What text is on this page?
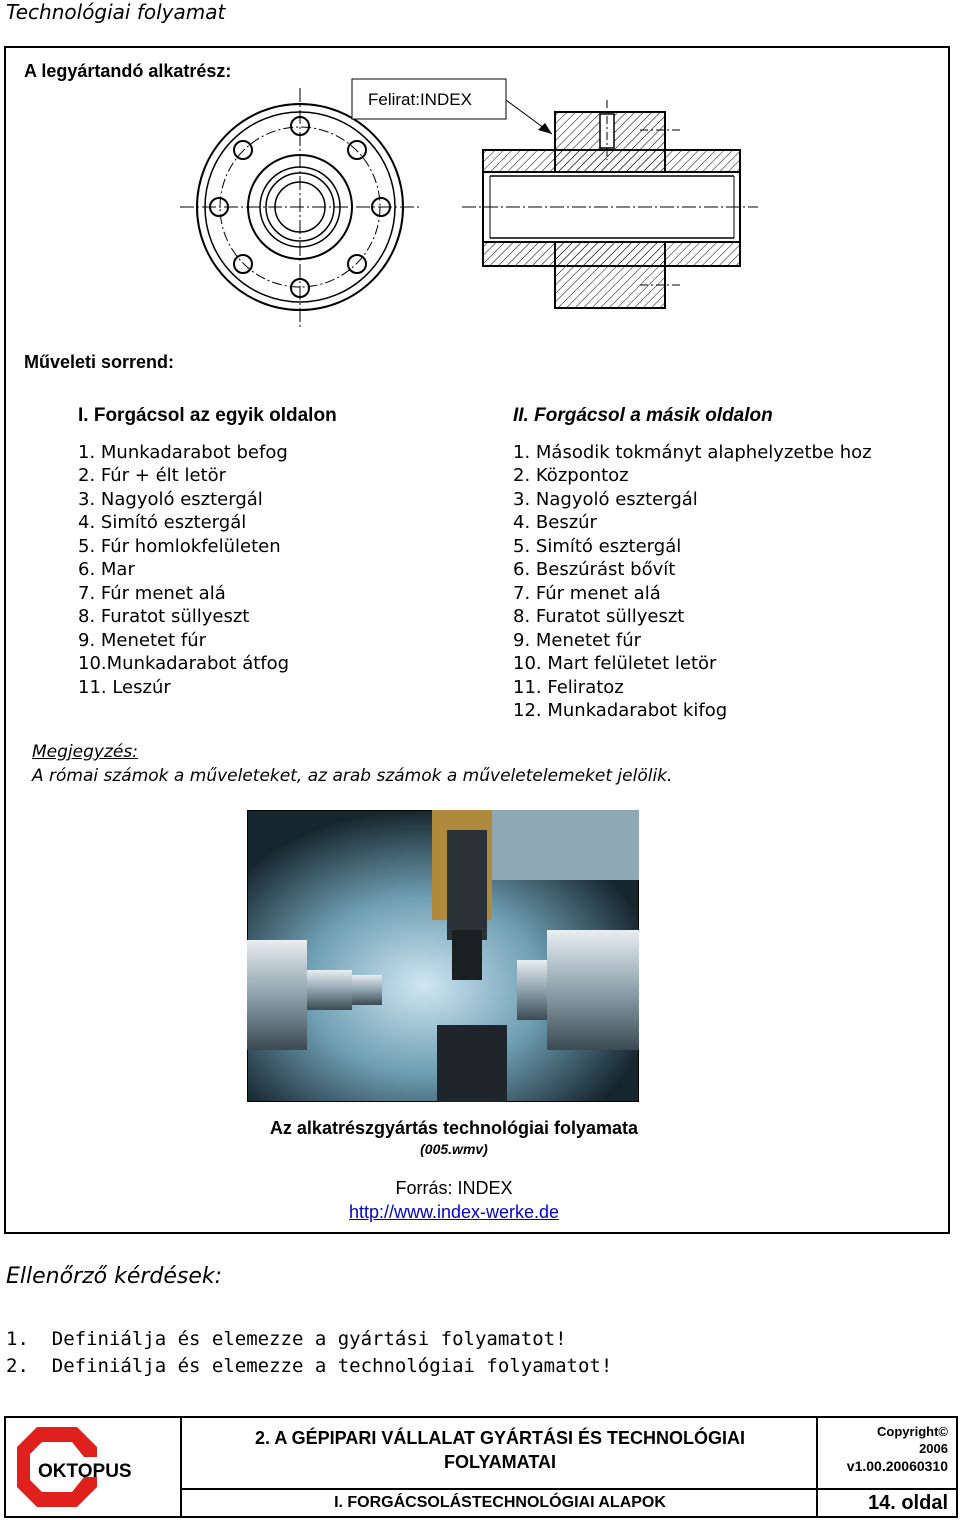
Technológiai folyamat
A legyártandó alkatrész:
Felirat:INDEX
Műveleti sorrend:
I. Forgácsol az egyik oldalon
1. Munkadarabot befog
2. Fúr + élt letör
3. Nagyoló esztergál
4. Simító esztergál
5. Fúr homlokfelületen
6. Mar
7. Fúr menet alá
8. Furatot süllyeszt
9. Menetet fúr
10.Munkadarabot átfog
11. Leszúr
II. Forgácsol a másik oldalon
1. Második tokmányt alaphelyzetbe hoz
2. Központoz
3. Nagyoló esztergál
4. Beszúr
5. Simító esztergál
6. Beszúrást bővít
7. Fúr menet alá
8. Furatot süllyeszt
9. Menetet fúr
10. Mart felületet letör
11. Feliratoz
12. Munkadarabot kifog
Megjegyzés:
A római számok a műveleteket, az arab számok a műveletelemeket jelölik.
Az alkatrészgyártás technológiai folyamata
(005.wmv)
Forrás: INDEX
http://www.index-werke.de
Ellenőrző kérdések:
1.  Definiálja és elemezze a gyártási folyamatot!
2.  Definiálja és elemezze a technológiai folyamatot!
OKTOPUS
2. A GÉPIPARI VÁLLALAT GYÁRTÁSI ÉS TECHNOLÓGIAI
FOLYAMATAI
I. FORGÁCSOLÁSTECHNOLÓGIAI ALAPOK
Copyright©
2006
v1.00.20060310
14. oldal
